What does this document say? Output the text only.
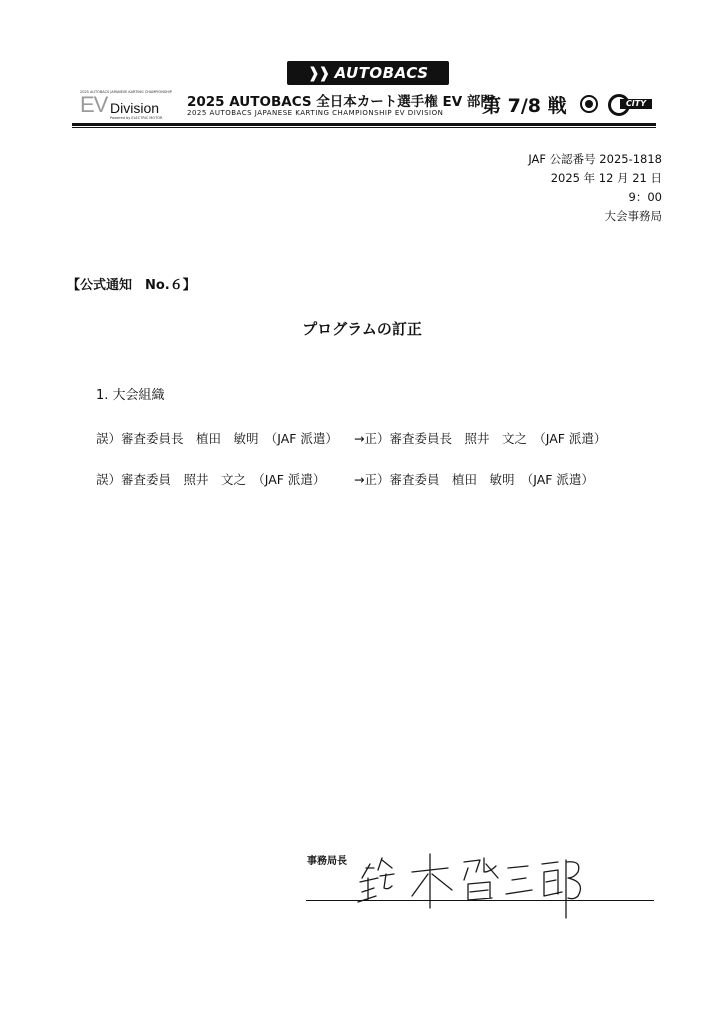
❱❱ AUTOBACS
2025 AUTOBACS JAPANESE KARTING CHAMPIONSHIP
EV Division
Powered by ELECTRIC MOTOR
2025 AUTOBACS 全日本カート選手権 EV 部門
2025 AUTOBACS JAPANESE KARTING CHAMPIONSHIP EV DIVISION 第 7/8 戦	CITY
JAF 公認番号 2025-1818
2025 年 12 月 21 日
9：00
大会事務局
【公式通知　No.６】
プログラムの訂正
1. 大会組織
誤）審査委員長　植田　敏明　（JAF 派遣） →正）審査委員長　照井　文之　（JAF 派遣）
誤）審査委員　照井　文之　（JAF 派遣） →正）審査委員　植田　敏明　（JAF 派遣）
事務局長
